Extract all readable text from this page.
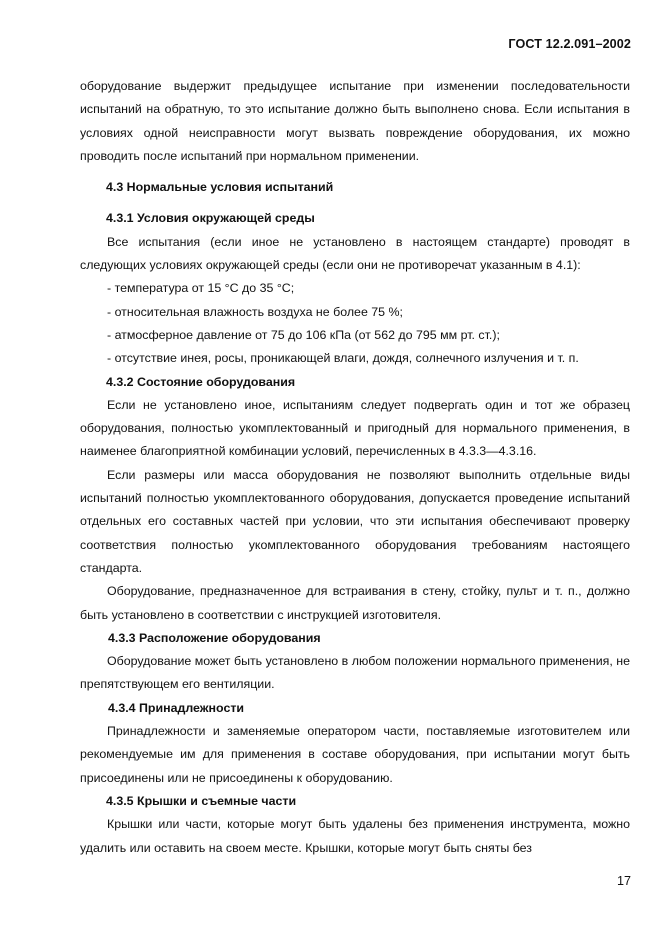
ГОСТ 12.2.091–2002

оборудование выдержит предыдущее испытание при изменении последовательности испытаний на обратную, то это испытание должно быть выполнено снова. Если испытания в условиях одной неисправности могут вызвать повреждение оборудования, их можно проводить после испытаний при нормальном применении.

4.3 Нормальные условия испытаний
4.3.1 Условия окружающей среды

Все испытания (если иное не установлено в настоящем стандарте) проводят в следующих условиях окружающей среды (если они не противоречат указанным в 4.1):

- температура от 15 °С до 35 °С;
- относительная влажность воздуха не более 75 %;
- атмосферное давление от 75 до 106 кПа (от 562 до 795 мм рт. ст.);
- отсутствие инея, росы, проникающей влаги, дождя, солнечного излучения и т. п.
4.3.2 Состояние оборудования

Если не установлено иное, испытаниям следует подвергать один и тот же образец оборудования, полностью укомплектованный и пригодный для нормального применения, в наименее благоприятной комбинации условий, перечисленных в 4.3.3—4.3.16.

Если размеры или масса оборудования не позволяют выполнить отдельные виды испытаний полностью укомплектованного оборудования, допускается проведение испытаний отдельных его составных частей при условии, что эти испытания обеспечивают проверку соответствия полностью укомплектованного оборудования требованиям настоящего стандарта.

Оборудование, предназначенное для встраивания в стену, стойку, пульт и т. п., должно быть установлено в соответствии с инструкцией изготовителя.

4.3.3 Расположение оборудования

Оборудование может быть установлено в любом положении нормального применения, не препятствующем его вентиляции.

4.3.4 Принадлежности

Принадлежности и заменяемые оператором части, поставляемые изготовителем или рекомендуемые им для применения в составе оборудования, при испытании могут быть присоединены или не присоединены к оборудованию.

4.3.5 Крышки и съемные части

Крышки или части, которые могут быть удалены без применения инструмента, можно удалить или оставить на своем месте. Крышки, которые могут быть сняты без

17
